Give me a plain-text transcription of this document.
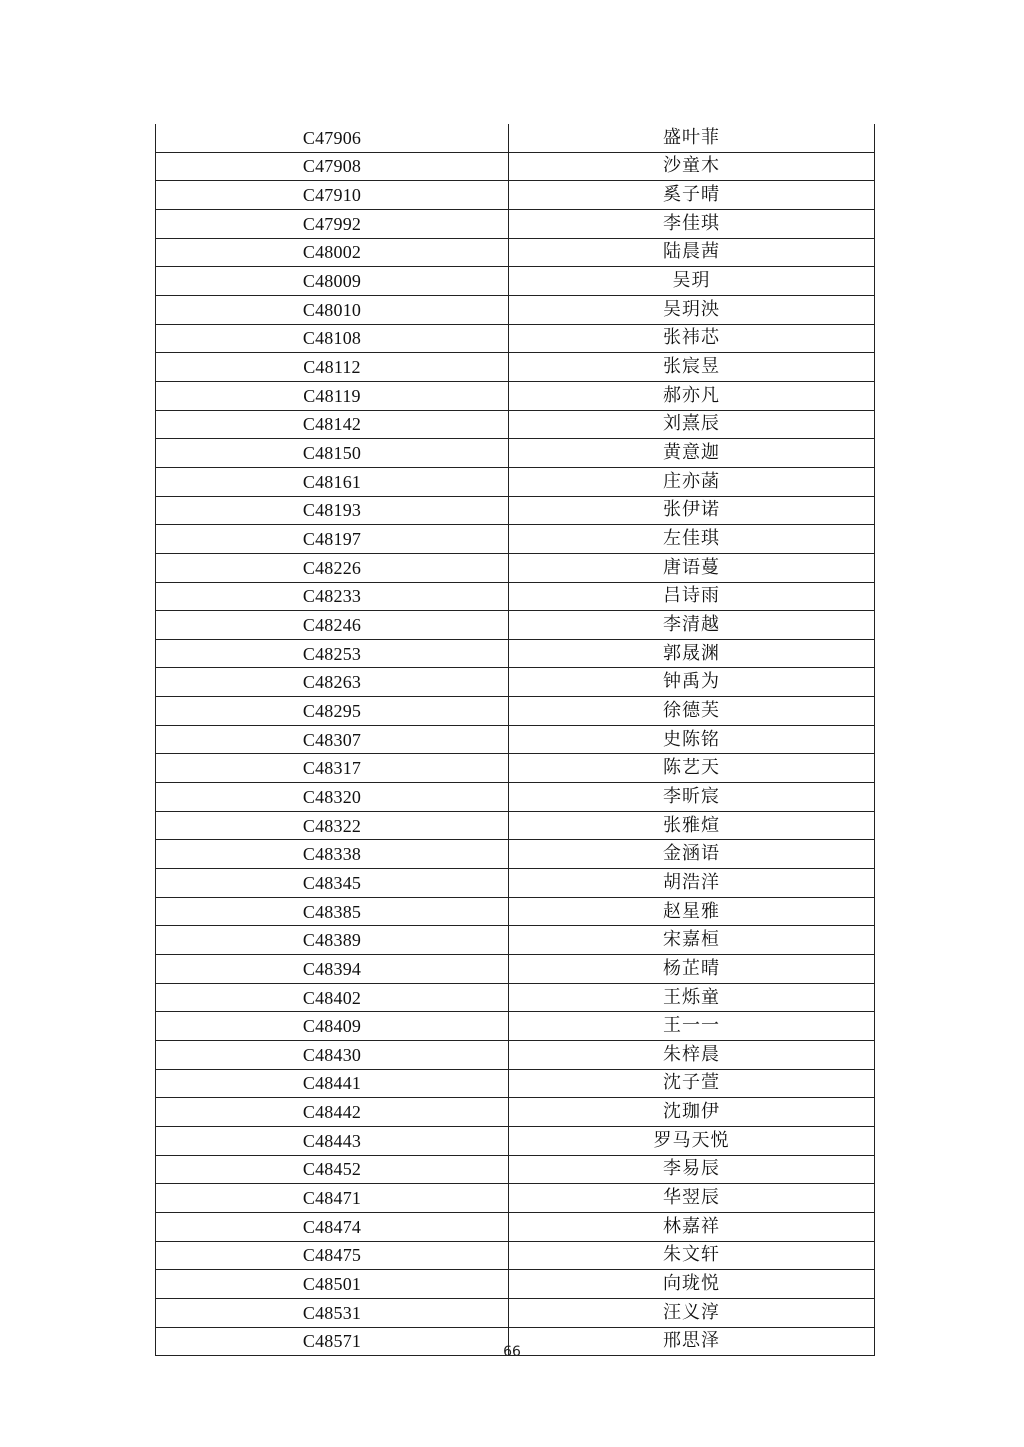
C47906	盛叶菲
C47908	沙童木
C47910	奚子晴
C47992	李佳琪
C48002	陆晨茜
C48009	吴玥
C48010	吴玥泱
C48108	张祎芯
C48112	张宸昱
C48119	郝亦凡
C48142	刘熹辰
C48150	黄意迦
C48161	庄亦菡
C48193	张伊诺
C48197	左佳琪
C48226	唐语蔓
C48233	吕诗雨
C48246	李清越
C48253	郭晟渊
C48263	钟禹为
C48295	徐德芙
C48307	史陈铭
C48317	陈艺天
C48320	李昕宸
C48322	张雅煊
C48338	金涵语
C48345	胡浩洋
C48385	赵星雅
C48389	宋嘉桓
C48394	杨芷晴
C48402	王烁童
C48409	王一一
C48430	朱梓晨
C48441	沈子萱
C48442	沈珈伊
C48443	罗马天悦
C48452	李易辰
C48471	华翌辰
C48474	林嘉祥
C48475	朱文轩
C48501	向珑悦
C48531	汪义淳
C48571	邢思泽
66
